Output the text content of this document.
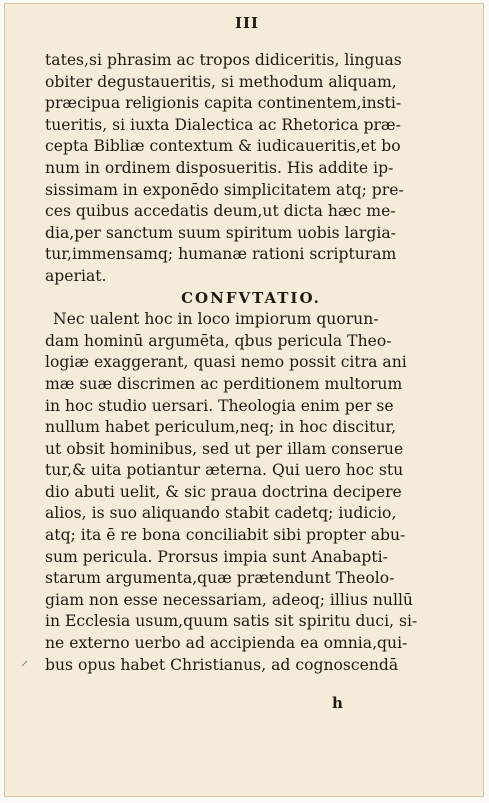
III
tates,si phrasim ac tropos didiceritis, linguas
obiter degustaueritis, si methodum aliquam,
præcipua religionis capita continentem,insti-
tueritis, si iuxta Dialectica ac Rhetorica præ-
cepta Bibliæ contextum & iudicaueritis,et bo
num in ordinem disposueritis. His addite ip-
sissimam in exponēdo simplicitatem atq; pre-
ces quibus accedatis deum,ut dicta hæc me-
dia,per sanctum suum spiritum uobis largia-
tur,immensamq; humanæ rationi scripturam
aperiat.
CONFVTATIO.
Nec ualent hoc in loco impiorum quorun-
dam hominū argumēta, qbus pericula Theo-
logiæ exaggerant, quasi nemo possit citra ani
mæ suæ discrimen ac perditionem multorum
in hoc studio uersari. Theologia enim per se
nullum habet periculum,neq; in hoc discitur,
ut obsit hominibus, sed ut per illam conserue
tur,& uita potiantur æterna. Qui uero hoc stu
dio abuti uelit, & sic praua doctrina decipere
alios, is suo aliquando stabit cadetq; iudicio,
atq; ita ē re bona conciliabit sibi propter abu-
sum pericula. Prorsus impia sunt Anabapti-
starum argumenta,quæ prætendunt Theolo-
giam non esse necessariam, adeoq; illius nullū
in Ecclesia usum,quum satis sit spiritu duci, si-
ne externo uerbo ad accipienda ea omnia,qui-
bus opus habet Christianus, ad cognoscendā
⸝
h
